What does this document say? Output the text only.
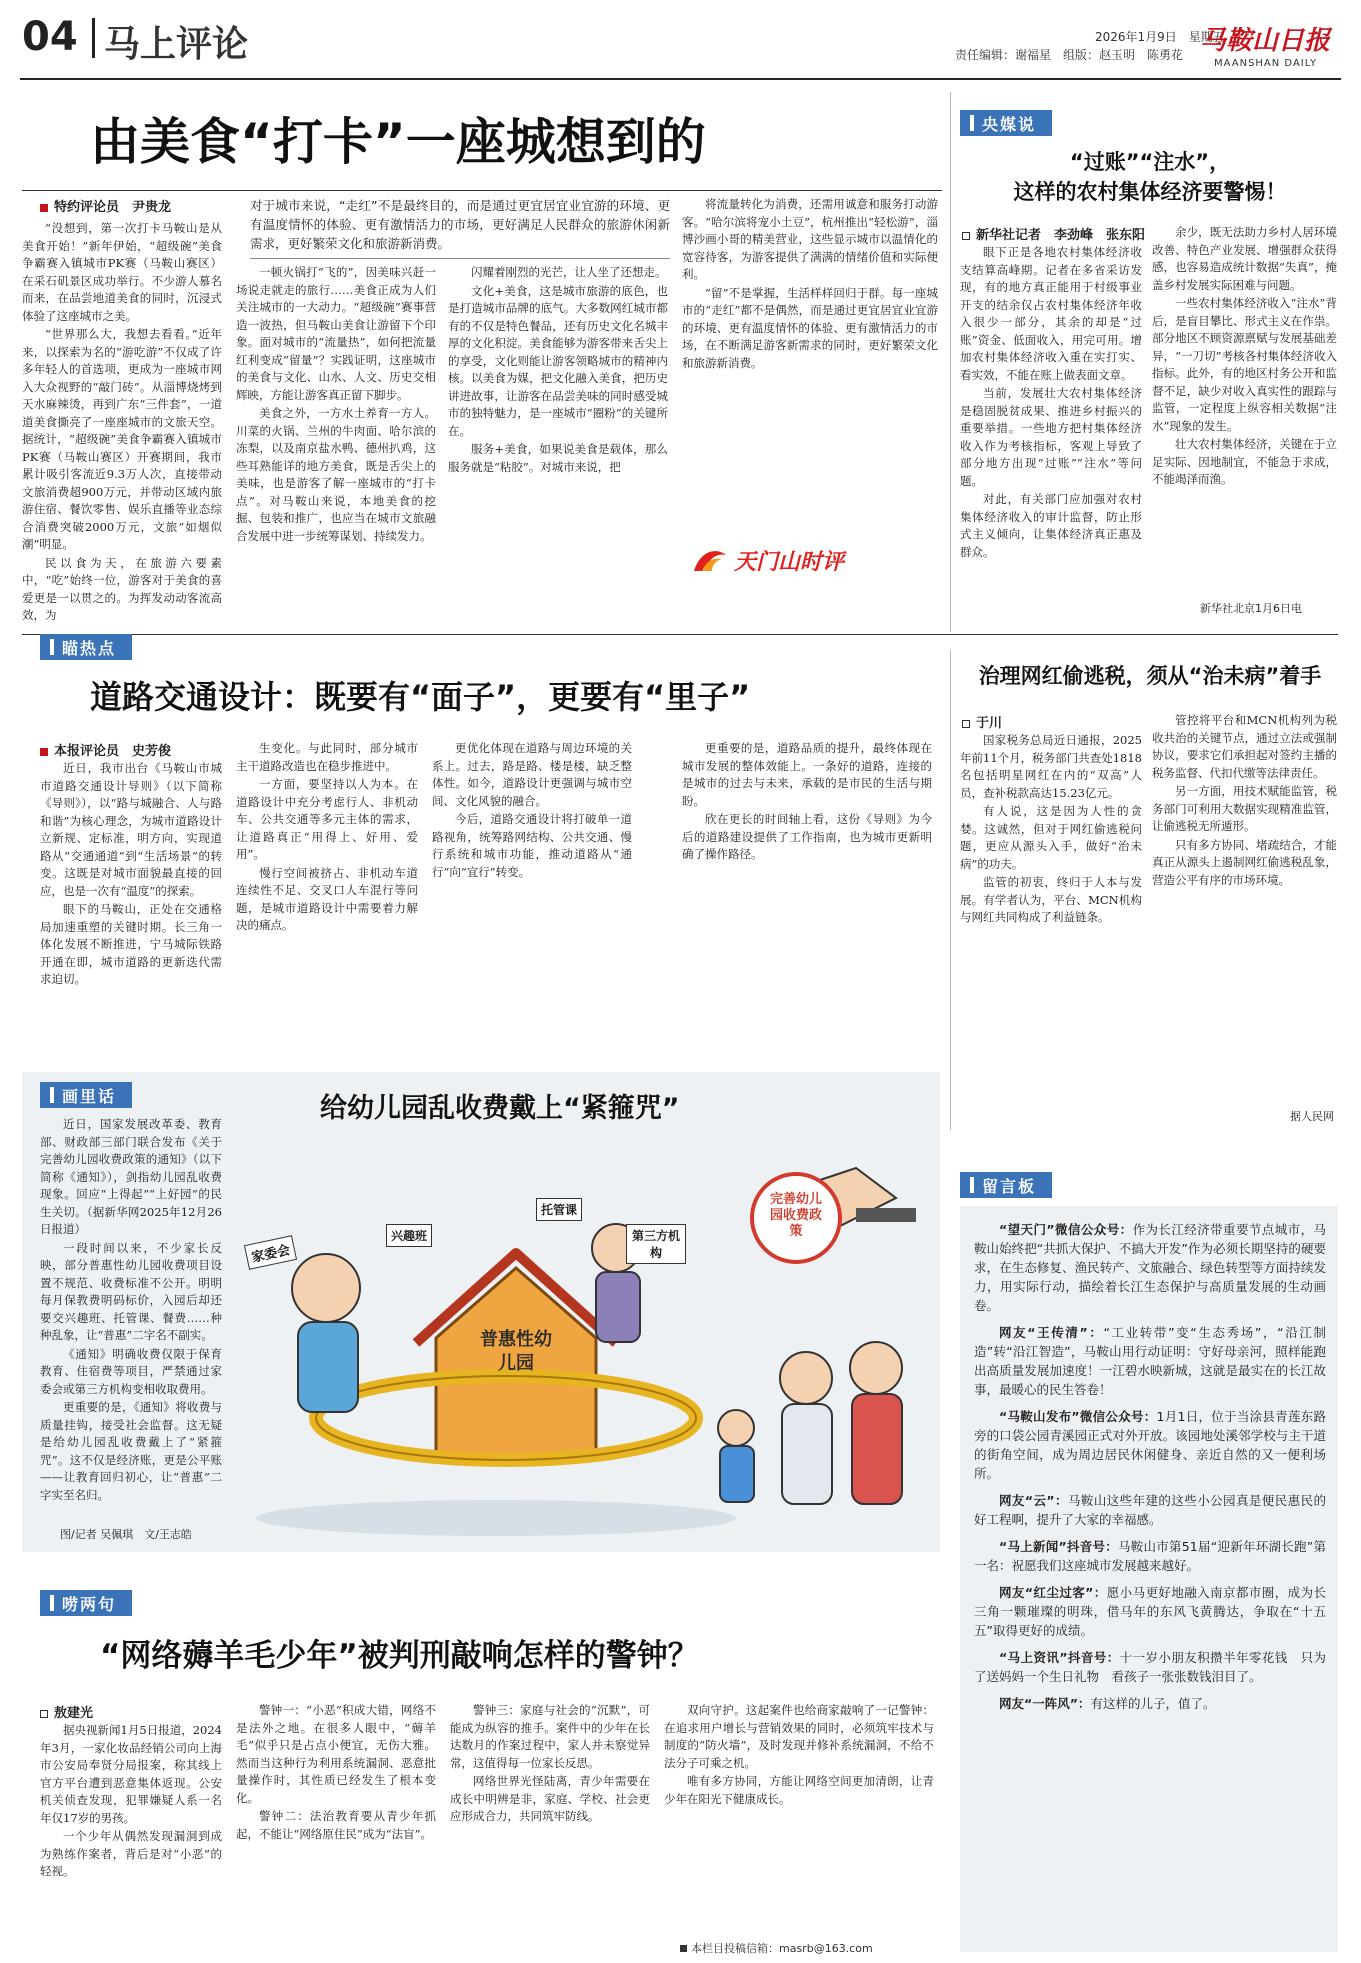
04 马上评论	2026年1月9日　星期五
责任编辑：谢福星　组版：赵玉明　陈勇花 马鞍山日报
MAANSHAN DAILY
由美食“打卡”一座城想到的
特约评论员　尹贵龙	对于城市来说，“走红”不是最终目的，而是通过更宜居宜业宜游的环境、更有温度情怀的体验、更有激情活力的市场，更好满足人民群众的旅游休闲新需求，更好繁荣文化和旅游新消费。

“没想到，第一次打卡马鞍山是从美食开始！”新年伊始，“超级碗”美食争霸赛入镇城市PK赛（马鞍山赛区）在采石矶景区成功举行。不少游人慕名而来，在品尝地道美食的同时，沉浸式体验了这座城市之美。

“世界那么大，我想去看看。”近年来，以探索为名的“游吃游”不仅成了许多年轻人的首选项，更成为一座城市网入大众视野的“敲门砖”。从淄博烧烤到天水麻辣烫，再到广东“三件套”，一道道美食撕亮了一座座城市的文旅天空。据统计，“超级碗”美食争霸赛入镇城市PK赛（马鞍山赛区）开赛期间，我市累计吸引客流近9.3万人次，直接带动文旅消费超900万元，并带动区域内旅游住宿、餐饮零售、娱乐直播等业态综合消费突破2000万元，文旅“如烟似潮”明显。

民以食为天，在旅游六要素中，“吃”始终一位，游客对于美食的喜爱更是一以贯之的。为挥发动动客流高效，为

一顿火锅打“飞的”，因美味兴赶一场说走就走的旅行……美食正成为人们关注城市的一大动力。“超级碗”赛事营造一波热，但马鞍山美食让游留下个印象。面对城市的“流量热”，如何把流量红利变成“留量”？实践证明，这座城市的美食与文化、山水、人文、历史交相辉映，方能让游客真正留下脚步。

美食之外，一方水土养育一方人。川菜的火锅、兰州的牛肉面、哈尔滨的冻梨，以及南京盐水鸭、德州扒鸡，这些耳熟能详的地方美食，既是舌尖上的美味，也是游客了解一座城市的“打卡点”。对马鞍山来说，本地美食的挖掘、包装和推广，也应当在城市文旅融合发展中进一步统筹谋划、持续发力。

闪耀着刚烈的光芒，让人坐了还想走。

文化+美食，这是城市旅游的底色，也是打造城市品牌的底气。大多数网红城市都有的不仅是特色餐品，还有历史文化名城丰厚的文化积淀。美食能够为游客带来舌尖上的享受，文化则能让游客领略城市的精神内核。以美食为媒，把文化融入美食，把历史讲进故事，让游客在品尝美味的同时感受城市的独特魅力，是一座城市“圈粉”的关键所在。

服务+美食，如果说美食是载体，那么服务就是“粘胶”。对城市来说，把

将流量转化为消费，还需用诚意和服务打动游客。“哈尔滨将宠小土豆”，杭州推出“轻松游”，淄博沙画小哥的精美营业，这些显示城市以温情化的宽容待客，为游客提供了满满的情绪价值和实际便利。

“留”不是掌握，生活样样回归于群。每一座城市的“走红”都不是偶然，而是通过更宜居宜业宜游的环境、更有温度情怀的体验、更有激情活力的市场，在不断满足游客新需求的同时，更好繁荣文化和旅游新消费。

天门山时评
央媒说
“过账”“注水”，
这样的农村集体经济要警惕！
新华社记者　李劲峰　张东阳

眼下正是各地农村集体经济收支结算高峰期。记者在多省采访发现，有的地方真正能用于村级事业开支的结余仅占农村集体经济年收入很少一部分，其余的却是“过账”资金、低面收入，用完可用。增加农村集体经济收入重在实打实、看实效，不能在账上做表面文章。

当前，发展壮大农村集体经济是稳固脱贫成果、推进乡村振兴的重要举措。一些地方把村集体经济收入作为考核指标，客观上导致了部分地方出现“过账”“注水”等问题。

对此，有关部门应加强对农村集体经济收入的审计监督，防止形式主义倾向，让集体经济真正惠及群众。

余少，既无法助力乡村人居环境改善、特色产业发展、增强群众获得感，也容易造成统计数据“失真”，掩盖乡村发展实际困难与问题。

一些农村集体经济收入“注水”背后，是盲目攀比、形式主义在作祟。部分地区不顾资源禀赋与发展基础差异，“一刀切”考核各村集体经济收入指标。此外，有的地区村务公开和监督不足，缺少对收入真实性的跟踪与监管，一定程度上纵容相关数据“注水”现象的发生。

壮大农村集体经济，关键在于立足实际、因地制宜，不能急于求成，不能竭泽而渔。

新华社北京1月6日电
瞄热点
道路交通设计：既要有“面子”，更要有“里子”
本报评论员　史芳俊

近日，我市出台《马鞍山市城市道路交通设计导则》（以下简称《导则》），以“路与城融合、人与路和谐”为核心理念，为城市道路设计立新规、定标准，明方向，实现道路从“交通通道”到“生活场景”的转变。这既是对城市面貌最直接的回应，也是一次有“温度”的探索。

眼下的马鞍山，正处在交通格局加速重塑的关键时期。长三角一体化发展不断推进，宁马城际铁路开通在即，城市道路的更新迭代需求迫切。

生变化。与此同时，部分城市主干道路改造也在稳步推进中。

一方面，要坚持以人为本。在道路设计中充分考虑行人、非机动车、公共交通等多元主体的需求，让道路真正“用得上、好用、爱用”。

慢行空间被挤占、非机动车道连续性不足、交叉口人车混行等问题，是城市道路设计中需要着力解决的痛点。

更优化体现在道路与周边环境的关系上。过去，路是路、楼是楼，缺乏整体性。如今，道路设计更强调与城市空间、文化风貌的融合。

今后，道路交通设计将打破单一道路视角，统筹路网结构、公共交通、慢行系统和城市功能，推动道路从“通行”向“宜行”转变。

更重要的是，道路品质的提升，最终体现在城市发展的整体效能上。一条好的道路，连接的是城市的过去与未来，承载的是市民的生活与期盼。

欣在更长的时间轴上看，这份《导则》为今后的道路建设提供了工作指南，也为城市更新明确了操作路径。

治理网红偷逃税，须从“治未病”着手
于川

国家税务总局近日通报，2025年前11个月，税务部门共查处1818名包括明星网红在内的“双高”人员，查补税款高达15.23亿元。

有人说，这是因为人性的贪婪。这诚然，但对于网红偷逃税问题，更应从源头入手，做好“治未病”的功夫。

监管的初衷，终归于人本与发展。有学者认为，平台、MCN机构与网红共同构成了利益链条。

管控将平台和MCN机构列为税收共治的关键节点，通过立法或强制协议，要求它们承担起对签约主播的税务监督、代扣代缴等法律责任。

另一方面，用技术赋能监管，税务部门可利用大数据实现精准监管，让偷逃税无所遁形。

只有多方协同、堵疏结合，才能真正从源头上遏制网红偷逃税乱象，营造公平有序的市场环境。

据人民网
画里话	给幼儿园乱收费戴上“紧箍咒”

近日，国家发展改革委、教育部、财政部三部门联合发布《关于完善幼儿园收费政策的通知》（以下简称《通知》），剑指幼儿园乱收费现象。回应“上得起”“上好园”的民生关切。（据新华网2025年12月26日报道）

一段时间以来，不少家长反映，部分普惠性幼儿园收费项目设置不规范、收费标准不公开。明明每月保教费明码标价，入园后却还要交兴趣班、托管课、餐费……种种乱象，让“普惠”二字名不副实。

《通知》明确收费仅限于保育教育、住宿费等项目，严禁通过家委会或第三方机构变相收取费用。

更重要的是，《通知》将收费与质量挂钩，接受社会监督。这无疑是给幼儿园乱收费戴上了“紧箍咒”。这不仅是经济账，更是公平账——让教育回归初心，让“普惠”二字实至名归。

图/记者 吴佩琪　文/王志皓
家委会
兴趣班
托管课
第三方机构
普惠性幼儿园
完善幼儿园收费政策
留言板

“望天门”微信公众号：作为长江经济带重要节点城市，马鞍山始终把“共抓大保护、不搞大开发”作为必须长期坚持的硬要求，在生态修复、渔民转产、文旅融合、绿色转型等方面持续发力，用实际行动，描绘着长江生态保护与高质量发展的生动画卷。

网友“王传清”：“工业转带”变“生态秀场”，“沿江制造”转“沿江智造”，马鞍山用行动证明：守好母亲河，照样能跑出高质量发展加速度！一江碧水映新城，这就是最实在的长江故事，最暖心的民生答卷！

“马鞍山发布”微信公众号：1月1日，位于当涂县青莲东路旁的口袋公园青溪园正式对外开放。该园地处溪邻学校与主干道的街角空间，成为周边居民休闲健身、亲近自然的又一便利场所。

网友“云”：马鞍山这些年建的这些小公园真是便民惠民的好工程啊，提升了大家的幸福感。

“马上新闻”抖音号：马鞍山市第51届“迎新年环湖长跑”第一名：祝愿我们这座城市发展越来越好。

网友“红尘过客”：愿小马更好地融入南京都市圈，成为长三角一颗璀璨的明珠，借马年的东风飞黄腾达，争取在“十五五”取得更好的成绩。

“马上资讯”抖音号：十一岁小朋友积攒半年零花钱　只为了送妈妈一个生日礼物　看孩子一张张数钱泪目了。

网友“一阵风”：有这样的儿子，值了。

唠两句
“网络薅羊毛少年”被判刑敲响怎样的警钟？
敖建光

据央视新闻1月5日报道，2024年3月，一家化妆品经销公司向上海市公安局奉贤分局报案，称其线上官方平台遭到恶意集体返现。公安机关侦查发现，犯罪嫌疑人系一名年仅17岁的男孩。

一个少年从偶然发现漏洞到成为熟练作案者，背后是对“小恶”的轻视。

警钟一：“小恶”积成大错，网络不是法外之地。在很多人眼中，“薅羊毛”似乎只是占点小便宜，无伤大雅。然而当这种行为利用系统漏洞、恶意批量操作时，其性质已经发生了根本变化。

警钟二：法治教育要从青少年抓起，不能让“网络原住民”成为“法盲”。

警钟三：家庭与社会的“沉默”，可能成为纵容的推手。案件中的少年在长达数月的作案过程中，家人并未察觉异常，这值得每一位家长反思。

网络世界光怪陆离，青少年需要在成长中明辨是非，家庭、学校、社会更应形成合力，共同筑牢防线。

双向守护。这起案件也给商家敲响了一记警钟：在追求用户增长与营销效果的同时，必须筑牢技术与制度的“防火墙”，及时发现并修补系统漏洞，不给不法分子可乘之机。

唯有多方协同，方能让网络空间更加清朗，让青少年在阳光下健康成长。

本栏目投稿信箱：masrb@163.com
